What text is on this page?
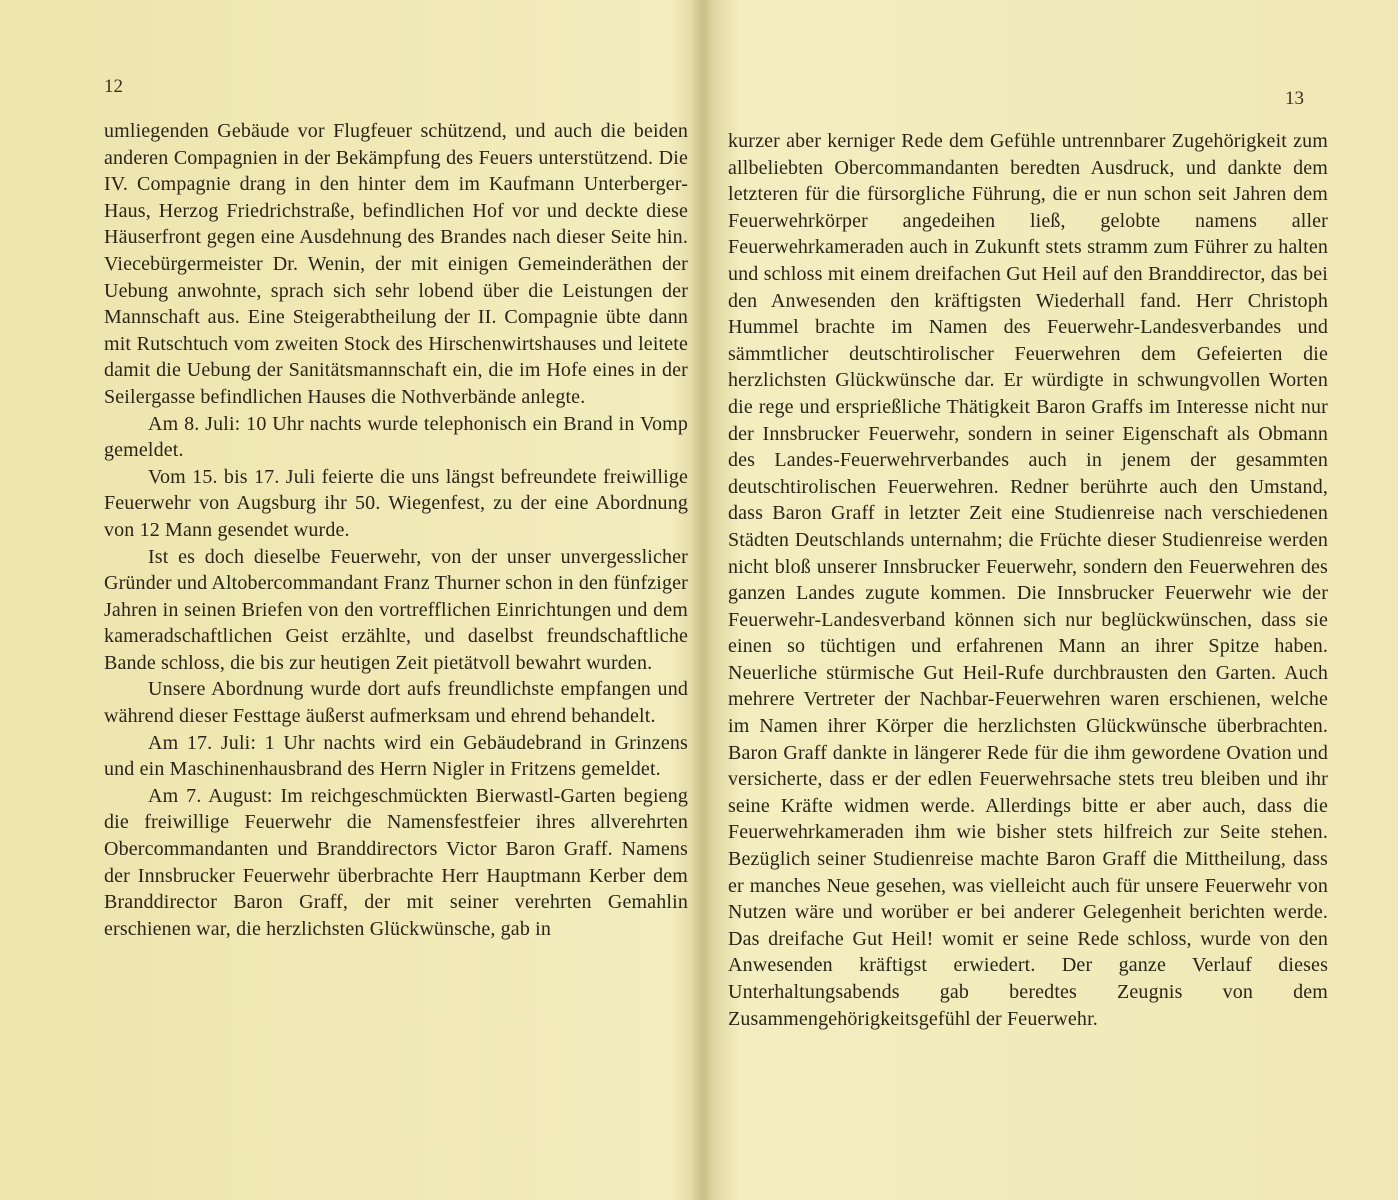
12

umliegenden Gebäude vor Flugfeuer schützend, und auch die beiden anderen Compagnien in der Bekämpfung des Feuers unterstützend. Die IV. Compagnie drang in den hinter dem im Kaufmann Unterberger-Haus, Herzog Friedrichstraße, befindlichen Hof vor und deckte diese Häuserfront gegen eine Ausdehnung des Brandes nach dieser Seite hin. Viecebürgermeister Dr. Wenin, der mit einigen Gemeinderäthen der Uebung anwohnte, sprach sich sehr lobend über die Leistungen der Mannschaft aus. Eine Steigerabtheilung der II. Compagnie übte dann mit Rutschtuch vom zweiten Stock des Hirschenwirtshauses und leitete damit die Uebung der Sanitätsmannschaft ein, die im Hofe eines in der Seilergasse befindlichen Hauses die Nothverbände anlegte.

Am 8. Juli: 10 Uhr nachts wurde telephonisch ein Brand in Vomp gemeldet.

Vom 15. bis 17. Juli feierte die uns längst befreundete freiwillige Feuerwehr von Augsburg ihr 50. Wiegenfest, zu der eine Abordnung von 12 Mann gesendet wurde.

Ist es doch dieselbe Feuerwehr, von der unser unvergesslicher Gründer und Altobercommandant Franz Thurner schon in den fünfziger Jahren in seinen Briefen von den vortrefflichen Einrichtungen und dem kameradschaftlichen Geist erzählte, und daselbst freundschaftliche Bande schloss, die bis zur heutigen Zeit pietätvoll bewahrt wurden.

Unsere Abordnung wurde dort aufs freundlichste empfangen und während dieser Festtage äußerst aufmerksam und ehrend behandelt.

Am 17. Juli: 1 Uhr nachts wird ein Gebäudebrand in Grinzens und ein Maschinenhausbrand des Herrn Nigler in Fritzens gemeldet.

Am 7. August: Im reichgeschmückten Bierwastl-Garten begieng die freiwillige Feuerwehr die Namensfestfeier ihres allverehrten Obercommandanten und Branddirectors Victor Baron Graff. Namens der Innsbrucker Feuerwehr überbrachte Herr Hauptmann Kerber dem Branddirector Baron Graff, der mit seiner verehrten Gemahlin erschienen war, die herzlichsten Glückwünsche, gab in

13

kurzer aber kerniger Rede dem Gefühle untrennbarer Zugehörigkeit zum allbeliebten Obercommandanten beredten Ausdruck, und dankte dem letzteren für die fürsorgliche Führung, die er nun schon seit Jahren dem Feuerwehrkörper angedeihen ließ, gelobte namens aller Feuerwehrkameraden auch in Zukunft stets stramm zum Führer zu halten und schloss mit einem dreifachen Gut Heil auf den Branddirector, das bei den Anwesenden den kräftigsten Wiederhall fand. Herr Christoph Hummel brachte im Namen des Feuerwehr-Landesverbandes und sämmtlicher deutschtirolischer Feuerwehren dem Gefeierten die herzlichsten Glückwünsche dar. Er würdigte in schwungvollen Worten die rege und ersprießliche Thätigkeit Baron Graffs im Interesse nicht nur der Innsbrucker Feuerwehr, sondern in seiner Eigenschaft als Obmann des Landes-Feuerwehrverbandes auch in jenem der gesammten deutschtirolischen Feuerwehren. Redner berührte auch den Umstand, dass Baron Graff in letzter Zeit eine Studienreise nach verschiedenen Städten Deutschlands unternahm; die Früchte dieser Studienreise werden nicht bloß unserer Innsbrucker Feuerwehr, sondern den Feuerwehren des ganzen Landes zugute kommen. Die Innsbrucker Feuerwehr wie der Feuerwehr-Landesverband können sich nur beglückwünschen, dass sie einen so tüchtigen und erfahrenen Mann an ihrer Spitze haben. Neuerliche stürmische Gut Heil-Rufe durchbrausten den Garten. Auch mehrere Vertreter der Nachbar-Feuerwehren waren erschienen, welche im Namen ihrer Körper die herzlichsten Glückwünsche überbrachten. Baron Graff dankte in längerer Rede für die ihm gewordene Ovation und versicherte, dass er der edlen Feuerwehrsache stets treu bleiben und ihr seine Kräfte widmen werde. Allerdings bitte er aber auch, dass die Feuerwehrkameraden ihm wie bisher stets hilfreich zur Seite stehen. Bezüglich seiner Studienreise machte Baron Graff die Mittheilung, dass er manches Neue gesehen, was vielleicht auch für unsere Feuerwehr von Nutzen wäre und worüber er bei anderer Gelegenheit berichten werde. Das dreifache Gut Heil! womit er seine Rede schloss, wurde von den Anwesenden kräftigst erwiedert. Der ganze Verlauf dieses Unterhaltungsabends gab beredtes Zeugnis von dem Zusammengehörigkeitsgefühl der Feuerwehr.
